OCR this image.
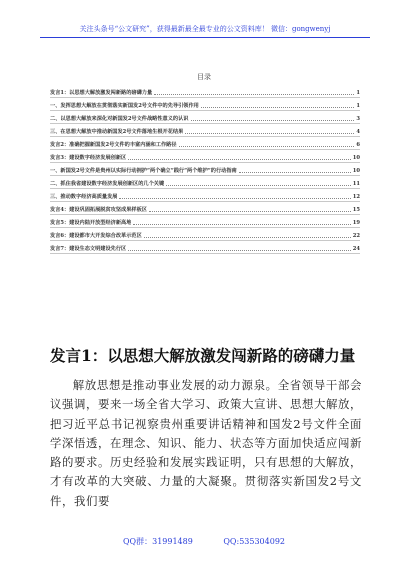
关注头条号“公文研究”，获得最新最全最专业的公文资料库！ 微信：gongwenyj
目录
发言1：以思想大解放激发闯新路的磅礴力量	1
一、发挥思想大解放在贯彻落实新国发2号文件中的先导引领作用	1
二、以思想大解放来深化对新国发2号文件战略性意义的认识	3
三、在思想大解放中推动新国发2号文件落地生根开花结果	4
发言2：准确把握新国发2号文件的丰富内涵和工作路径	6
发言3：建设数字经济发展创新区	10
一、新国发2号文件是贵州以实际行动拥护“两个确立”践行“两个维护”的行动指南	10
二、抓住我省建设数字经济发展创新区的几个关键	11
三、推动数字经济高质量发展	12
发言4：建设巩固拓展脱贫攻坚成果样板区	15
发言5：建设内陆开放型经济新高地	19
发言6：建设都市大开发综合改革示范区	22
发言7：建设生态文明建设先行区	24
发言1：以思想大解放激发闯新路的磅礴力量
解放思想是推动事业发展的动力源泉。全省领导干部会议强调，要来一场全省大学习、政策大宣讲、思想大解放，把习近平总书记视察贵州重要讲话精神和国发2号文件全面学深悟透，在理念、知识、能力、状态等方面加快适应闯新路的要求。历史经验和发展实践证明，只有思想的大解放，才有改革的大突破、力量的大凝聚。贯彻落实新国发2号文件，我们要
QQ群：31991489	QQ:535304092
